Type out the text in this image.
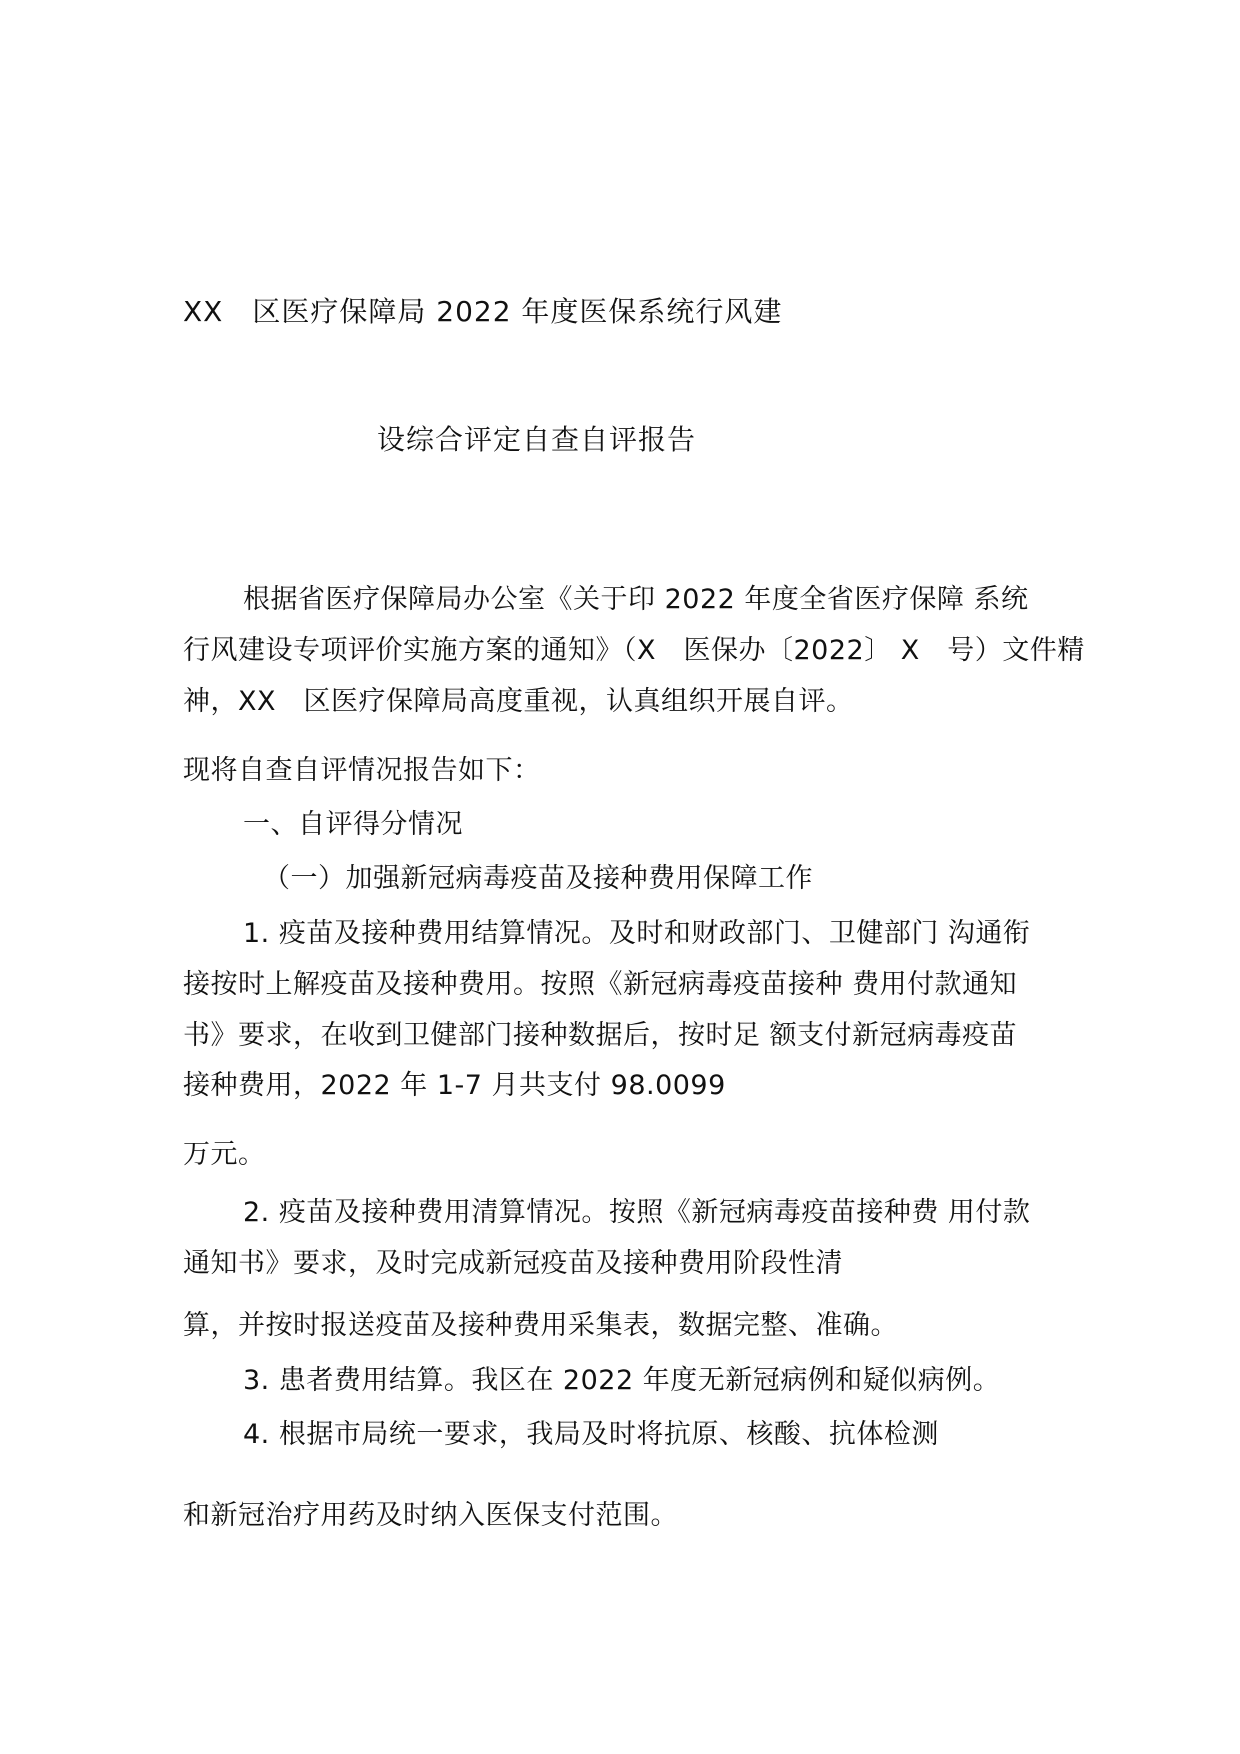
XX　区医疗保障局 2022 年度医保系统行风建
设综合评定自查自评报告
根据省医疗保障局办公室《关于印 2022 年度全省医疗保障 系统
行风建设专项评价实施方案的通知》（X　医保办〔2022〕 X　号）文件精
神，XX　区医疗保障局高度重视，认真组织开展自评。
现将自查自评情况报告如下：
一、自评得分情况
（一）加强新冠病毒疫苗及接种费用保障工作
1. 疫苗及接种费用结算情况。及时和财政部门、卫健部门 沟通衔
接按时上解疫苗及接种费用。按照《新冠病毒疫苗接种 费用付款通知
书》要求，在收到卫健部门接种数据后，按时足 额支付新冠病毒疫苗
接种费用，2022 年 1-7 月共支付 98.0099
万元。
2. 疫苗及接种费用清算情况。按照《新冠病毒疫苗接种费 用付款
通知书》要求，及时完成新冠疫苗及接种费用阶段性清
算，并按时报送疫苗及接种费用采集表，数据完整、准确。
3. 患者费用结算。我区在 2022 年度无新冠病例和疑似病例。
4. 根据市局统一要求，我局及时将抗原、核酸、抗体检测
和新冠治疗用药及时纳入医保支付范围。
